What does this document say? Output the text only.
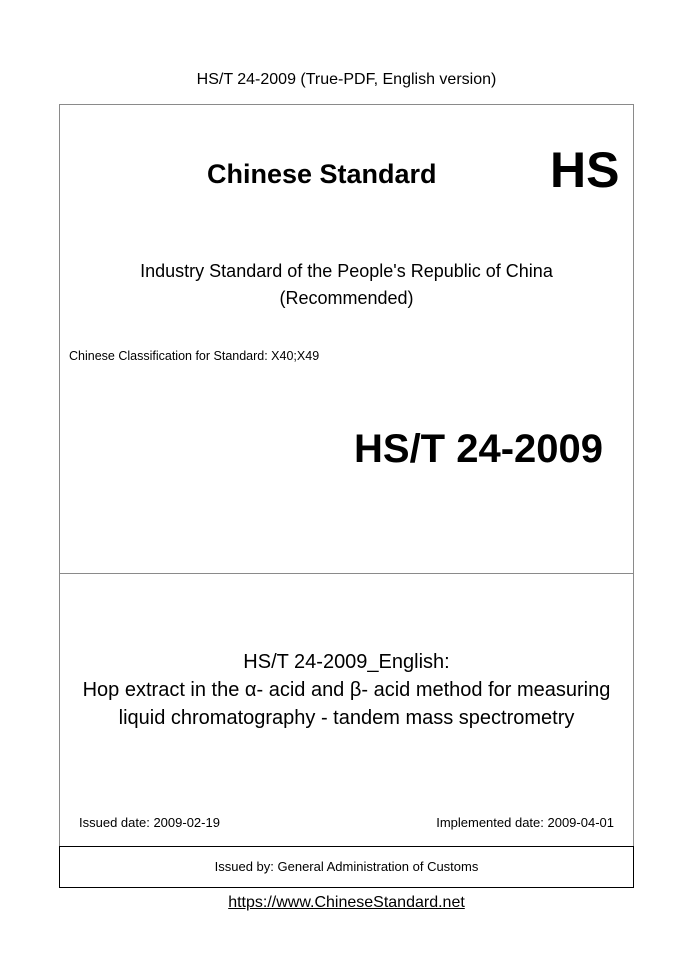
HS/T 24-2009 (True-PDF, English version)
Chinese Standard HS
Industry Standard of the People's Republic of China
(Recommended)
Chinese Classification for Standard: X40;X49
HS/T 24-2009
HS/T 24-2009_English:
Hop extract in the α- acid and β- acid method for measuring
liquid chromatography - tandem mass spectrometry
Issued date: 2009-02-19	Implemented date: 2009-04-01
Issued by: General Administration of Customs
https://www.ChineseStandard.net
